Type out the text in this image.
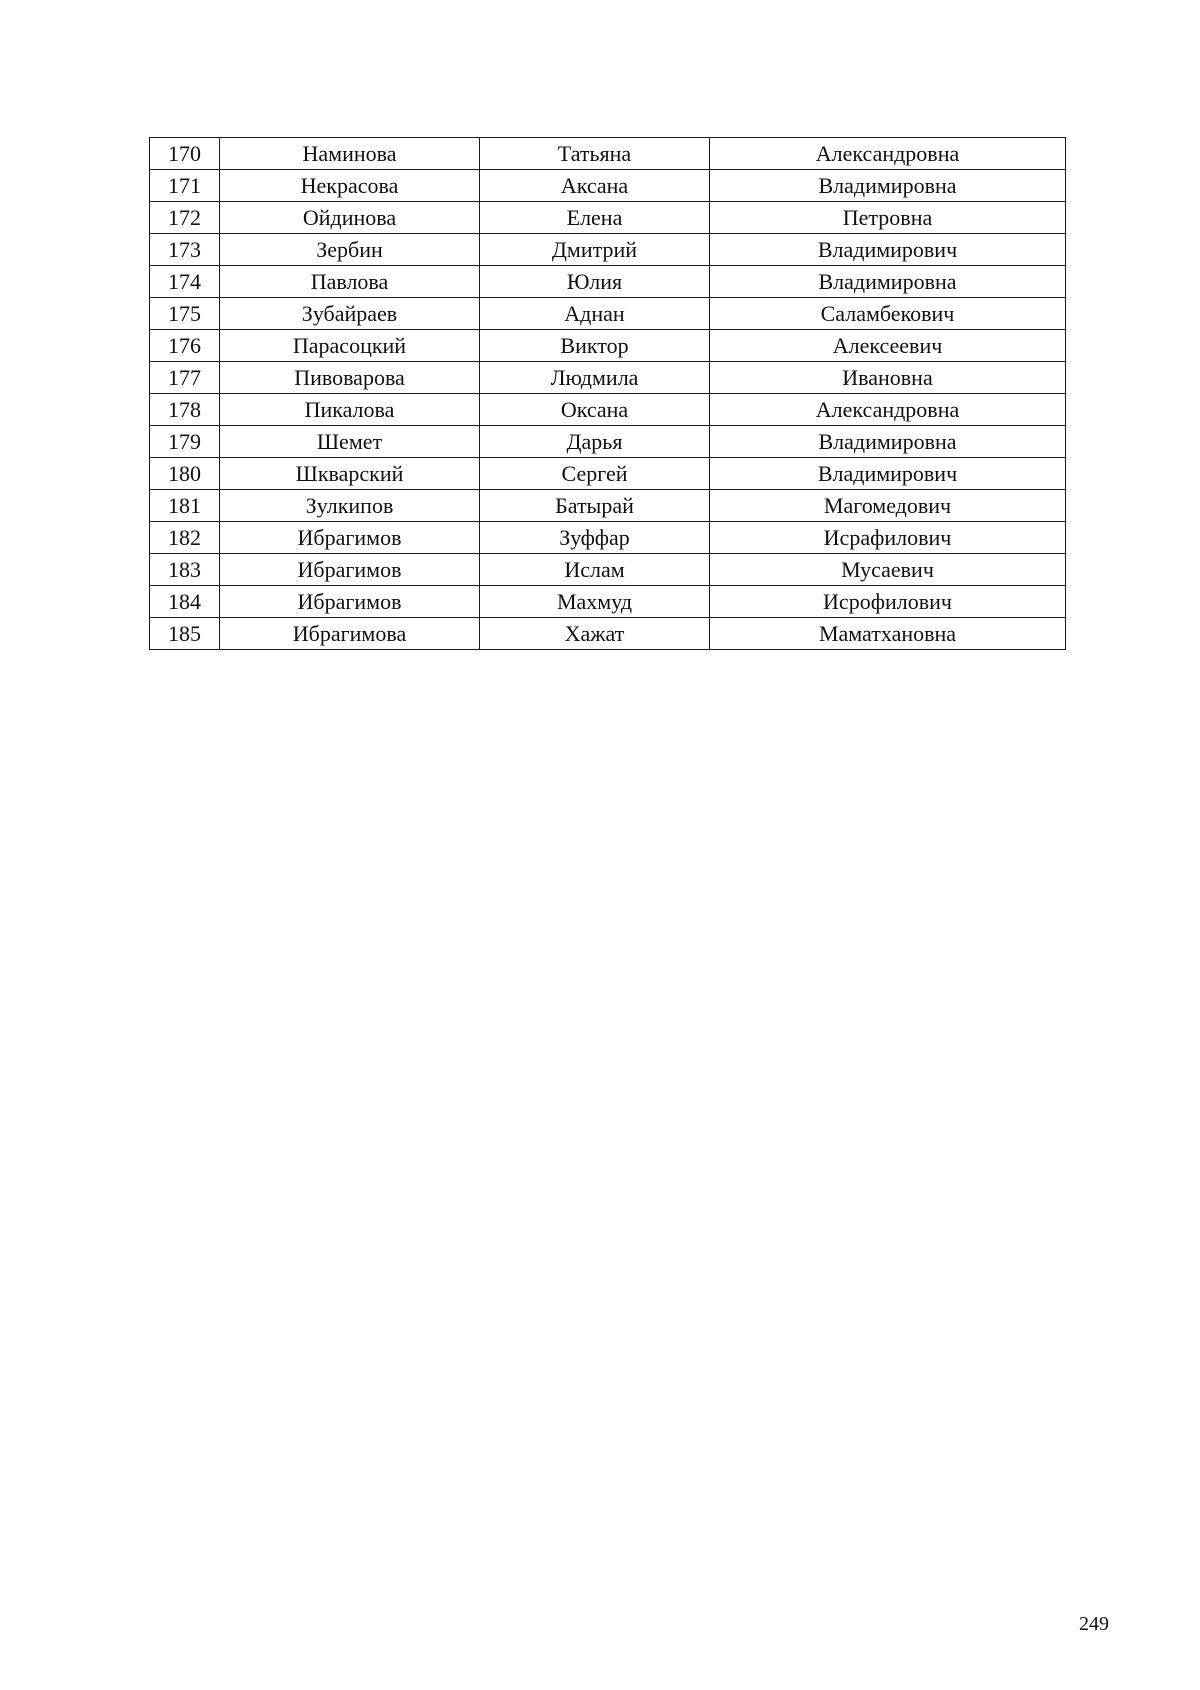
170	Наминова	Татьяна	Александровна
171	Некрасова	Аксана	Владимировна
172	Ойдинова	Елена	Петровна
173	Зербин	Дмитрий	Владимирович
174	Павлова	Юлия	Владимировна
175	Зубайраев	Аднан	Саламбекович
176	Парасоцкий	Виктор	Алексеевич
177	Пивоварова	Людмила	Ивановна
178	Пикалова	Оксана	Александровна
179	Шемет	Дарья	Владимировна
180	Шкварский	Сергей	Владимирович
181	Зулкипов	Батырай	Магомедович
182	Ибрагимов	Зуффар	Исрафилович
183	Ибрагимов	Ислам	Мусаевич
184	Ибрагимов	Махмуд	Исрофилович
185	Ибрагимова	Хажат	Маматхановна
249
